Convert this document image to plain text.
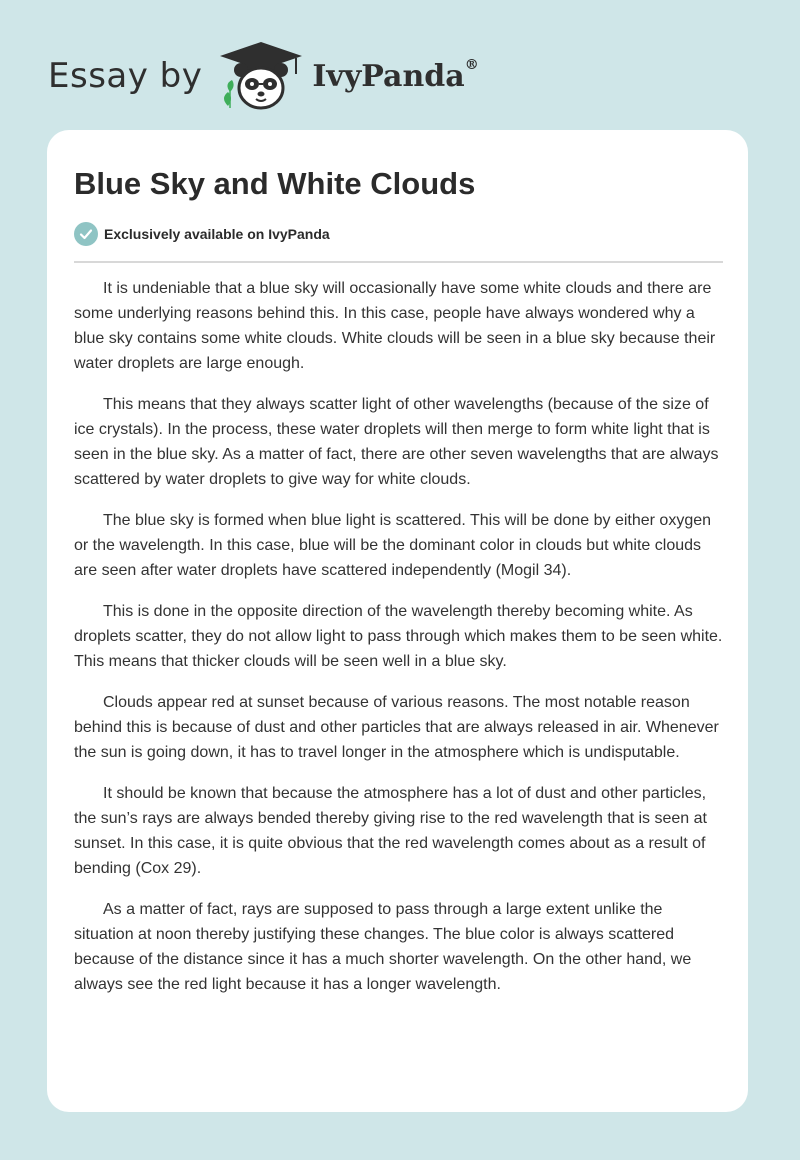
Essay by	IvyPanda®
Blue Sky and White Clouds
Exclusively available on IvyPanda

It is undeniable that a blue sky will occasionally have some white clouds and there are some underlying reasons behind this. In this case, people have always wondered why a blue sky contains some white clouds. White clouds will be seen in a blue sky because their water droplets are large enough.

This means that they always scatter light of other wavelengths (because of the size of ice crystals). In the process, these water droplets will then merge to form white light that is seen in the blue sky. As a matter of fact, there are other seven wavelengths that are always scattered by water droplets to give way for white clouds.

The blue sky is formed when blue light is scattered. This will be done by either oxygen or the wavelength. In this case, blue will be the dominant color in clouds but white clouds are seen after water droplets have scattered independently (Mogil 34).

This is done in the opposite direction of the wavelength thereby becoming white. As droplets scatter, they do not allow light to pass through which makes them to be seen white. This means that thicker clouds will be seen well in a blue sky.

Clouds appear red at sunset because of various reasons. The most notable reason behind this is because of dust and other particles that are always released in air. Whenever the sun is going down, it has to travel longer in the atmosphere which is undisputable.

It should be known that because the atmosphere has a lot of dust and other particles, the sun’s rays are always bended thereby giving rise to the red wavelength that is seen at sunset. In this case, it is quite obvious that the red wavelength comes about as a result of bending (Cox 29).

As a matter of fact, rays are supposed to pass through a large extent unlike the situation at noon thereby justifying these changes. The blue color is always scattered because of the distance since it has a much shorter wavelength. On the other hand, we always see the red light because it has a longer wavelength.
